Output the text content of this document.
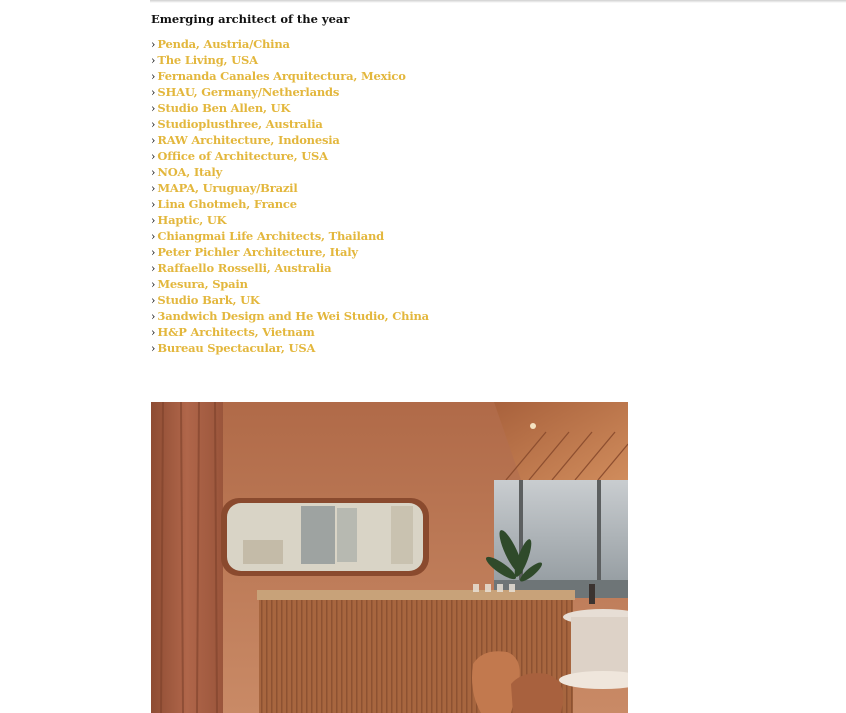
Emerging architect of the year
› Penda, Austria/China
› The Living, USA
› Fernanda Canales Arquitectura, Mexico
› SHAU, Germany/Netherlands
› Studio Ben Allen, UK
› Studioplusthree, Australia
› RAW Architecture, Indonesia
› Office of Architecture, USA
› NOA, Italy
› MAPA, Uruguay/Brazil
› Lina Ghotmeh, France
› Haptic, UK
› Chiangmai Life Architects, Thailand
› Peter Pichler Architecture, Italy
› Raffaello Rosselli, Australia
› Mesura, Spain
› Studio Bark, UK
› 3andwich Design and He Wei Studio, China
› H&P Architects, Vietnam
› Bureau Spectacular, USA
